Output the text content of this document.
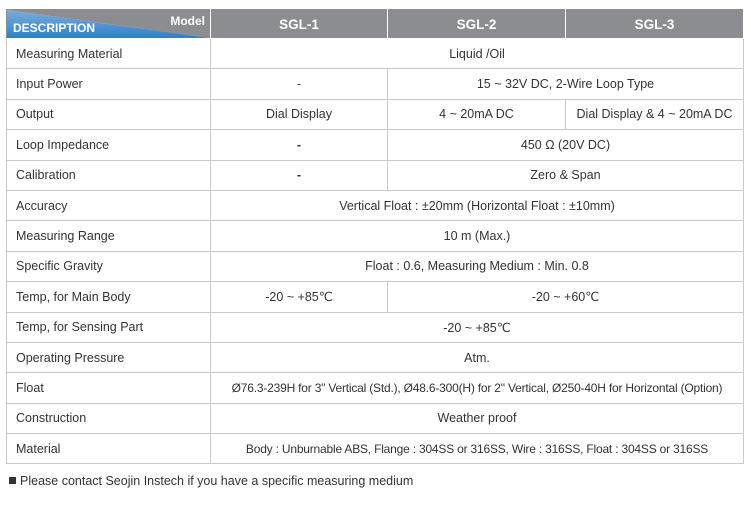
Model
DESCRIPTION	SGL-1	SGL-2	SGL-3
Measuring Material	Liquid /Oil		
Input Power	-	15 ~ 32V DC, 2-Wire Loop Type	
Output	Dial Display	4 ~ 20mA DC	Dial Display & 4 ~ 20mA DC
Loop Impedance	-	450 Ω (20V DC)	
Calibration	-	Zero & Span	
Accuracy	Vertical Float : ±20mm (Horizontal Float : ±10mm)		
Measuring Range	10 m (Max.)		
Specific Gravity	Float : 0.6, Measuring Medium : Min. 0.8		
Temp, for Main Body	-20 ~ +85℃	-20 ~ +60℃	
Temp, for Sensing Part	-20 ~ +85℃		
Operating Pressure	Atm.		
Float	Ø76.3-239H for 3" Vertical (Std.), Ø48.6-300(H) for 2" Vertical, Ø250-40H for Horizontal (Option)		
Construction	Weather proof		
Material	Body : Unburnable ABS, Flange : 304SS or 316SS, Wire : 316SS, Float : 304SS or 316SS		
Please contact Seojin Instech if you have a specific measuring medium
